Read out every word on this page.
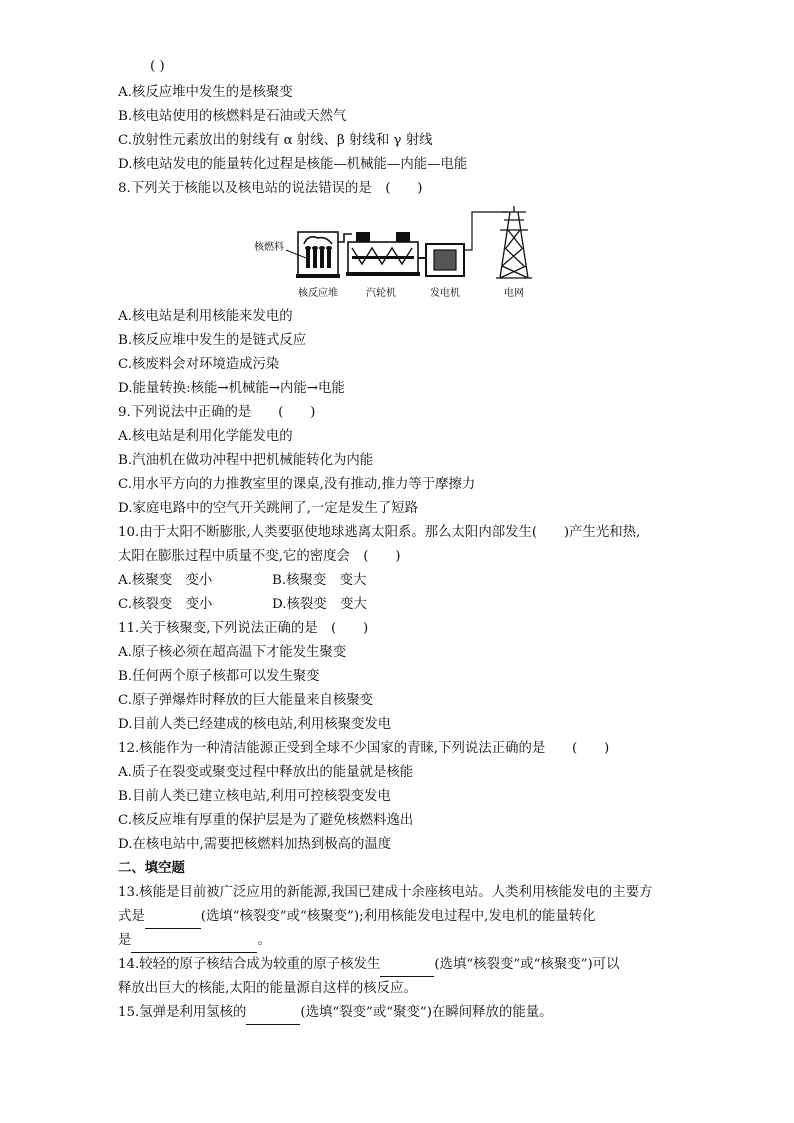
( )
A.核反应堆中发生的是核聚变
B.核电站使用的核燃料是石油或天然气
C.放射性元素放出的射线有 α 射线、β 射线和 γ 射线
D.核电站发电的能量转化过程是核能—机械能—内能—电能
8.下列关于核能以及核电站的说法错误的是　(　　)
核燃料
核反应堆	汽轮机	发电机	电网
A.核电站是利用核能来发电的
B.核反应堆中发生的是链式反应
C.核废料会对环境造成污染
D.能量转换:核能→机械能→内能→电能
9.下列说法中正确的是　　(　　)
A.核电站是利用化学能发电的
B.汽油机在做功冲程中把机械能转化为内能
C.用水平方向的力推教室里的课桌,没有推动,推力等于摩擦力
D.家庭电路中的空气开关跳闸了,一定是发生了短路
10.由于太阳不断膨胀,人类要驱使地球逃离太阳系。那么太阳内部发生(　　)产生光和热,
太阳在膨胀过程中质量不变,它的密度会　(　　)
A.核聚变　变小	B.核聚变　变大
C.核裂变　变小	D.核裂变　变大
11.关于核聚变,下列说法正确的是　(　　)
A.原子核必须在超高温下才能发生聚变
B.任何两个原子核都可以发生聚变
C.原子弹爆炸时释放的巨大能量来自核聚变
D.目前人类已经建成的核电站,利用核聚变发电
12.核能作为一种清洁能源正受到全球不少国家的青睐,下列说法正确的是　　(　　)
A.质子在裂变或聚变过程中释放出的能量就是核能
B.目前人类已建立核电站,利用可控核裂变发电
C.核反应堆有厚重的保护层是为了避免核燃料逸出
D.在核电站中,需要把核燃料加热到极高的温度
二、填空题
13.核能是目前被广泛应用的新能源,我国已建成十余座核电站。人类利用核能发电的主要方
式是	(选填“核裂变”或“核聚变”);利用核能发电过程中,发电机的能量转化
是	。
14.较轻的原子核结合成为较重的原子核发生	(选填“核裂变”或“核聚变”)可以
释放出巨大的核能,太阳的能量源自这样的核反应。
15.氢弹是利用氢核的	(选填“裂变”或“聚变”)在瞬间释放的能量。
